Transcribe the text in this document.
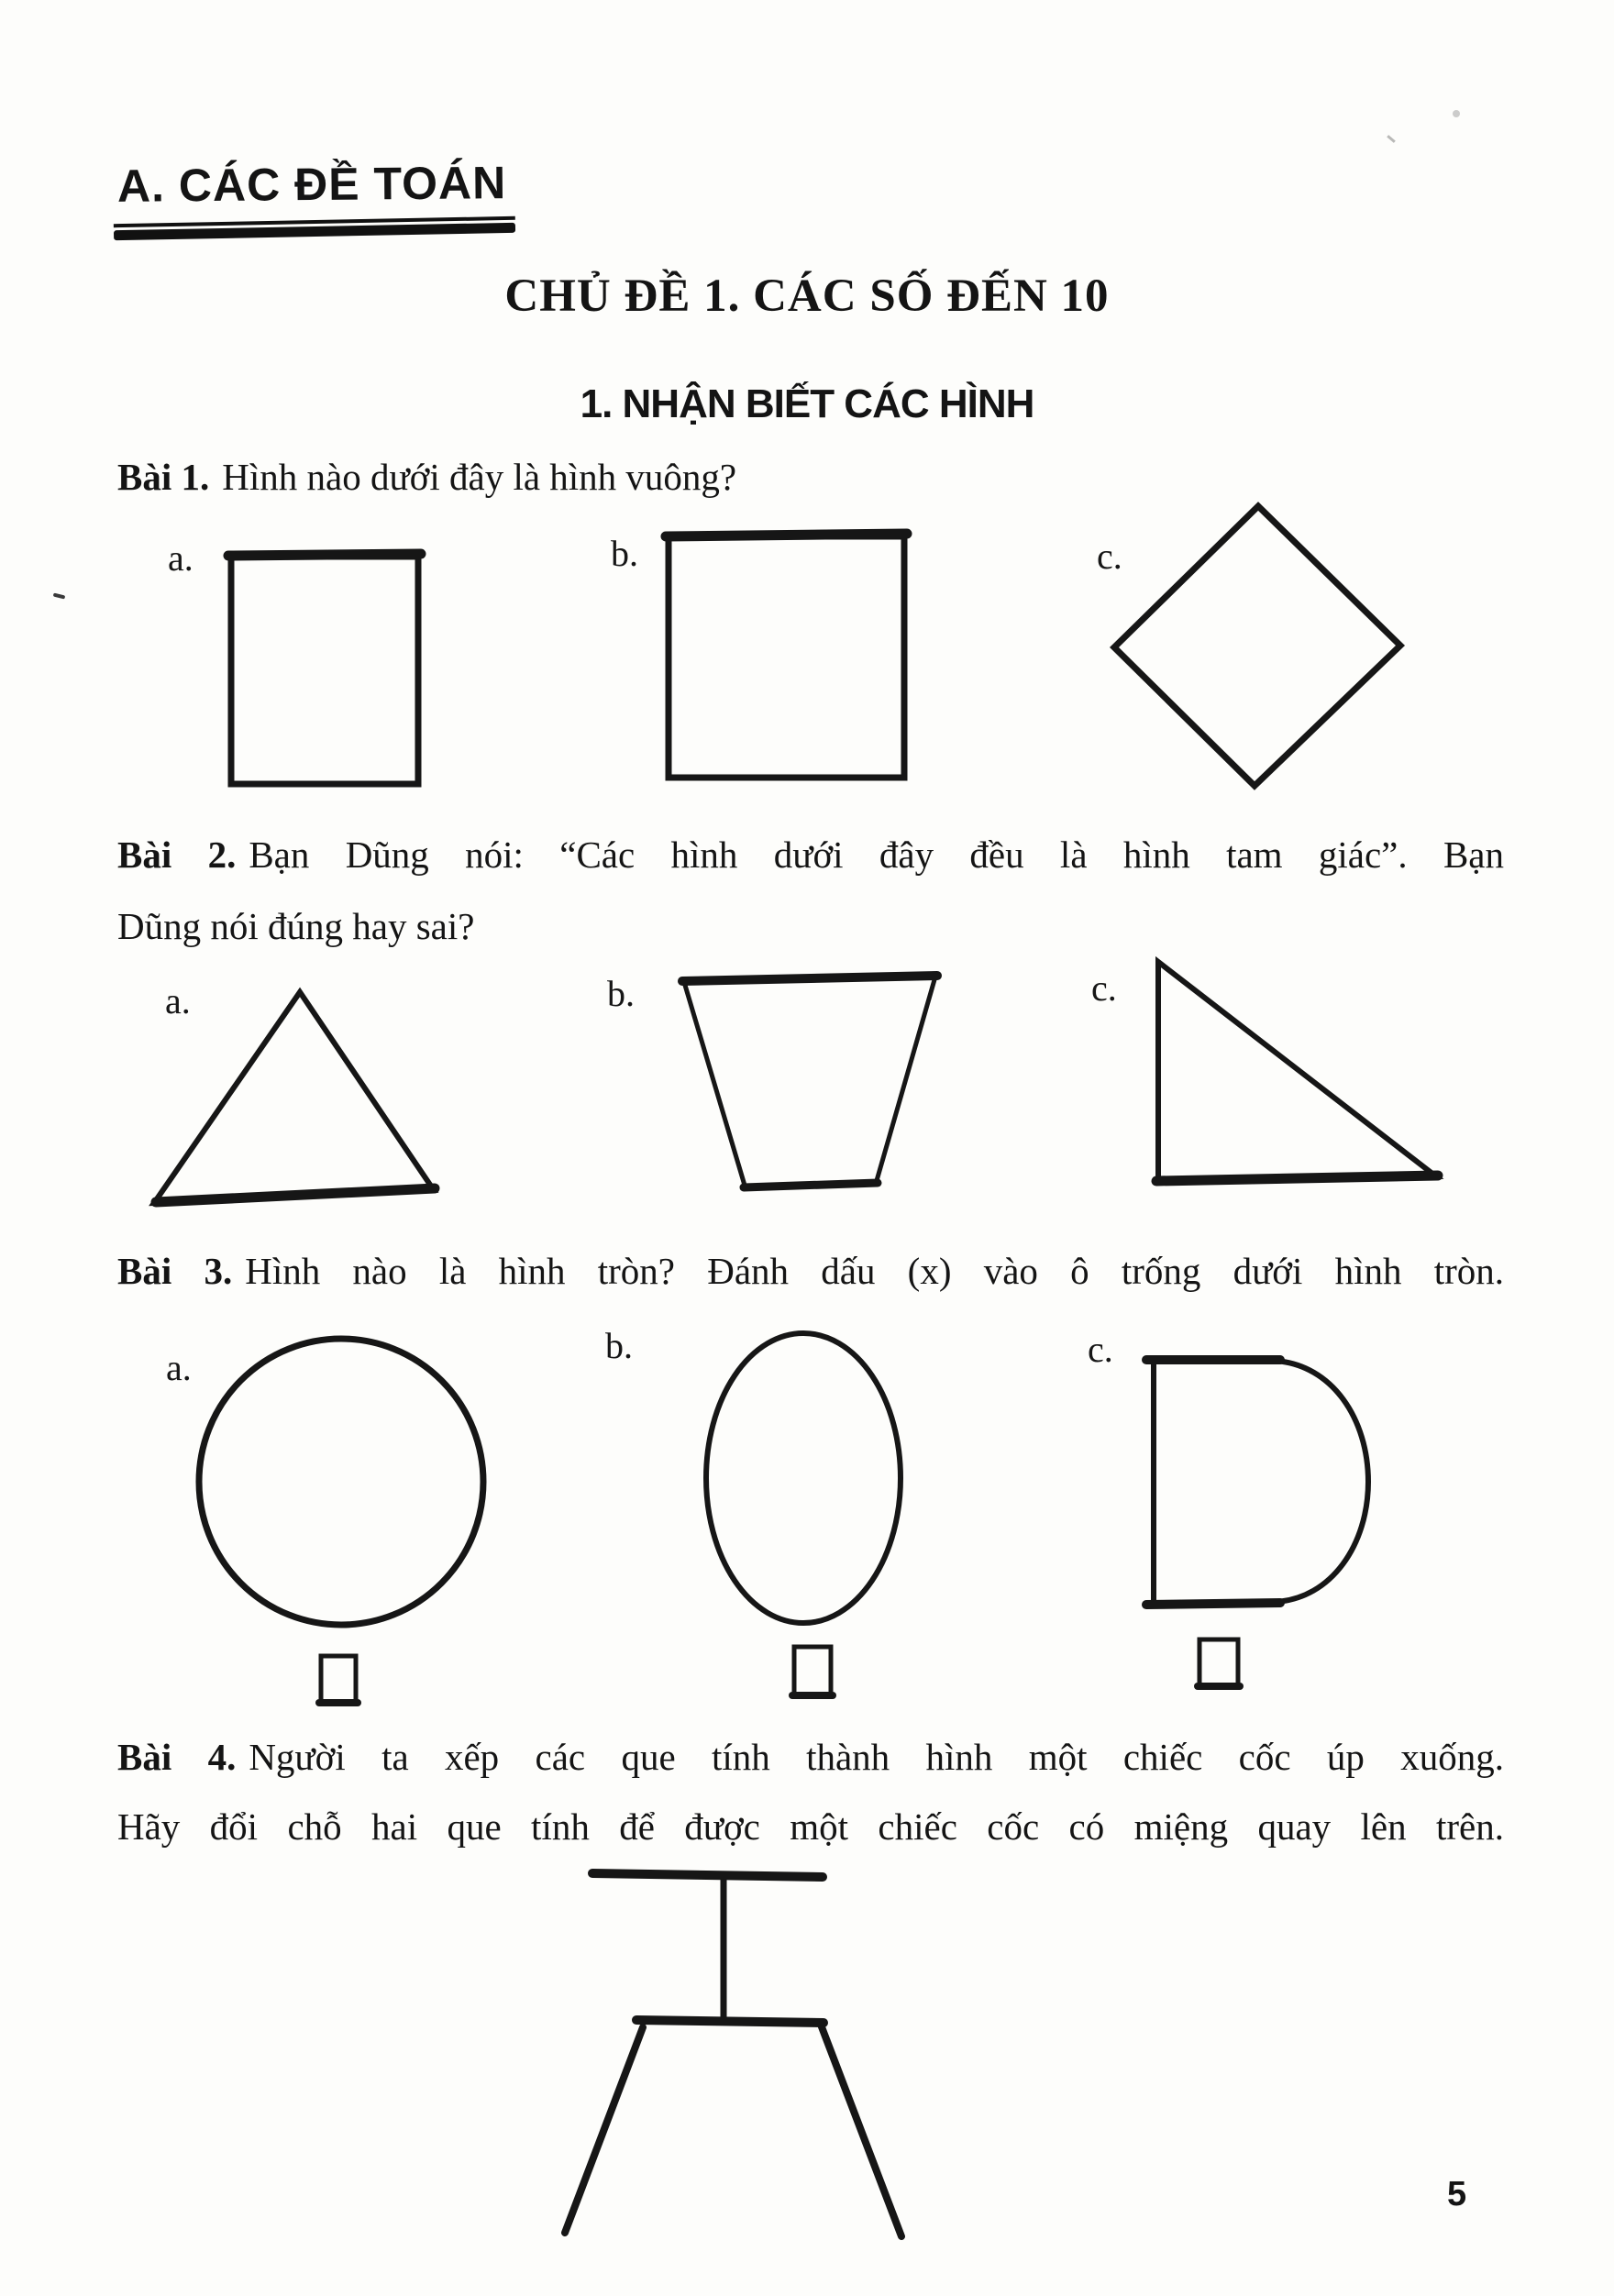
A. CÁC ĐỀ TOÁN
CHỦ ĐỀ 1. CÁC SỐ ĐẾN 10
1. NHẬN BIẾT CÁC HÌNH
Bài 1. Hình nào dưới đây là hình vuông?
a.	b.	c.
Bài 2. Bạn Dũng nói: “Các hình dưới đây đều là hình tam giác”. Bạn
Dũng nói đúng hay sai?
a.	b.	c.
Bài 3. Hình nào là hình tròn? Đánh dấu (x) vào ô trống dưới hình tròn.
a.
b.	c.
Bài 4. Người ta xếp các que tính thành hình một chiếc cốc úp xuống.
Hãy đổi chỗ hai que tính để được một chiếc cốc có miệng quay lên trên.
5
